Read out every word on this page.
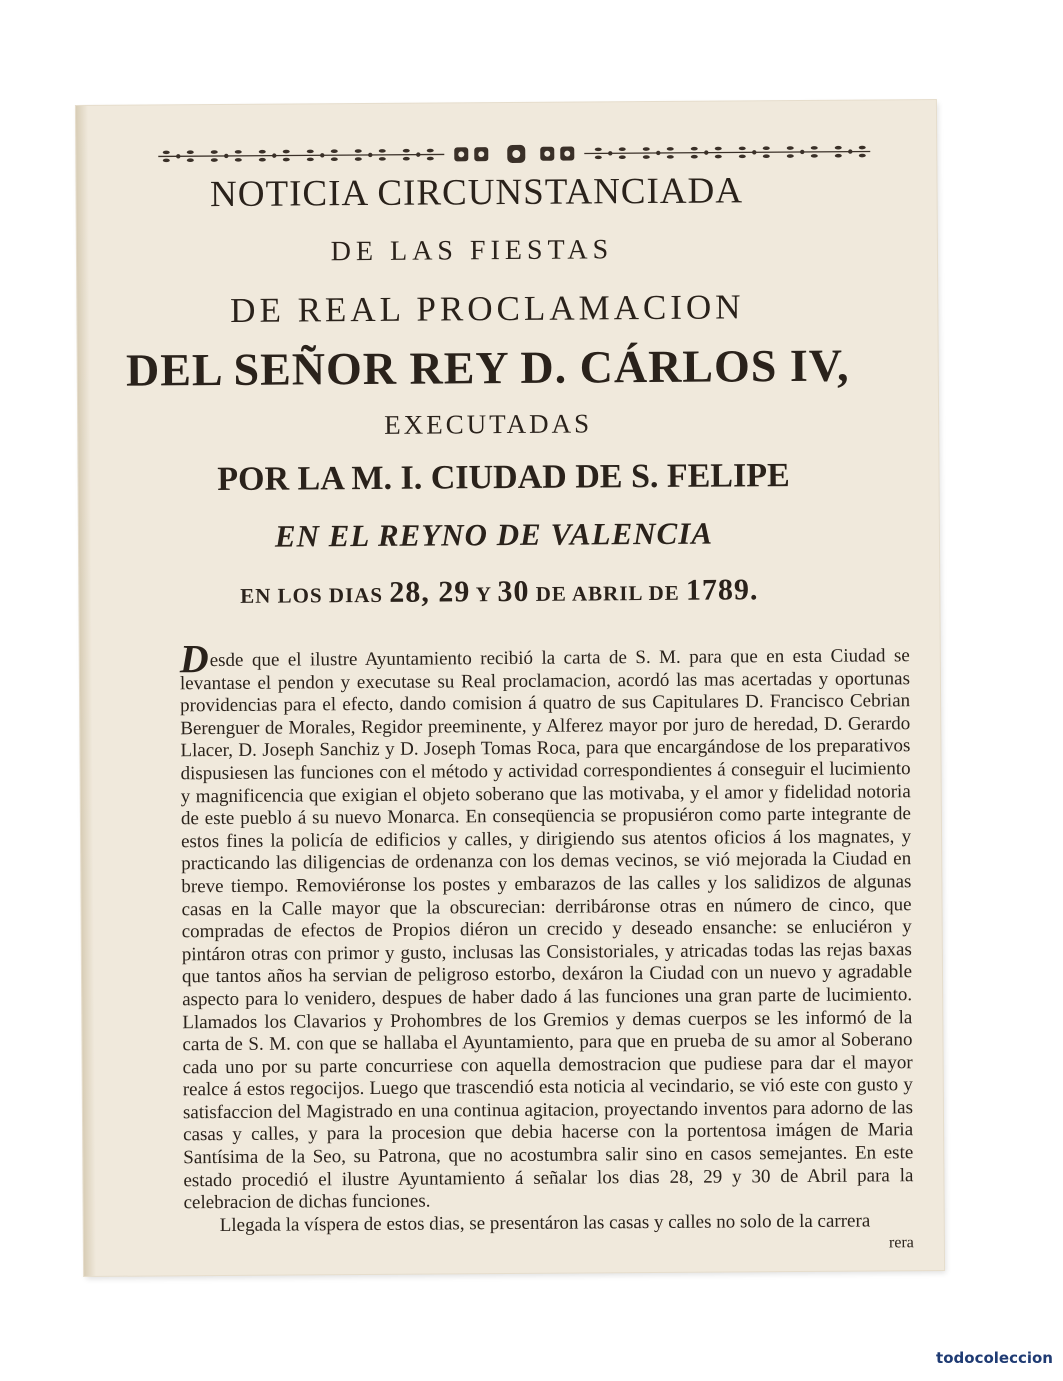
NOTICIA CIRCUNSTANCIADA
DE LAS FIESTAS
DE REAL PROCLAMACION
DEL SEÑOR REY D. CÁRLOS IV,
EXECUTADAS
POR LA M. I. CIUDAD DE S. FELIPE
EN EL REYNO DE VALENCIA
EN LOS DIAS 28, 29 Y 30 DE ABRIL DE 1789.

Desde que el ilustre Ayuntamiento recibió la carta de S. M. para que en esta Ciudad se levantase el pendon y executase su Real proclamacion, acordó las mas acertadas y oportunas providencias para el efecto, dando comision á quatro de sus Capitulares D. Francisco Cebrian Berenguer de Morales, Regidor preeminente, y Alferez mayor por juro de heredad, D. Gerardo Llacer, D. Joseph Sanchiz y D. Joseph Tomas Roca, para que encargándose de los preparativos dispusiesen las funciones con el método y actividad correspondientes á conseguir el lucimiento y magnificencia que exigian el objeto soberano que las motivaba, y el amor y fidelidad notoria de este pueblo á su nuevo Monarca. En conseqüencia se propusiéron como parte integrante de estos fines la policía de edificios y calles, y dirigiendo sus atentos oficios á los magnates, y practicando las diligencias de ordenanza con los demas vecinos, se vió mejorada la Ciudad en breve tiempo. Removiéronse los postes y embarazos de las calles y los salidizos de algunas casas en la Calle mayor que la obscurecian: derribáronse otras en número de cinco, que compradas de efectos de Propios diéron un crecido y deseado ensanche: se enluciéron y pintáron otras con primor y gusto, inclusas las Consistoriales, y atricadas todas las rejas baxas que tantos años ha servian de peligroso estorbo, dexáron la Ciudad con un nuevo y agradable aspecto para lo venidero, despues de haber dado á las funciones una gran parte de lucimiento. Llamados los Clavarios y Prohombres de los Gremios y demas cuerpos se les informó de la carta de S. M. con que se hallaba el Ayuntamiento, para que en prueba de su amor al Soberano cada uno por su parte concurriese con aquella demostracion que pudiese para dar el mayor realce á estos regocijos. Luego que trascendió esta noticia al vecindario, se vió este con gusto y satisfaccion del Magistrado en una continua agitacion, proyectando inventos para adorno de las casas y calles, y para la procesion que debia hacerse con la portentosa imágen de Maria Santísima de la Seo, su Patrona, que no acostumbra salir sino en casos semejantes. En este estado procedió el ilustre Ayuntamiento á señalar los dias 28, 29 y 30 de Abril para la celebracion de dichas funciones.

Llegada la víspera de estos dias, se presentáron las casas y calles no solo de la carrera

rera
todocoleccion
